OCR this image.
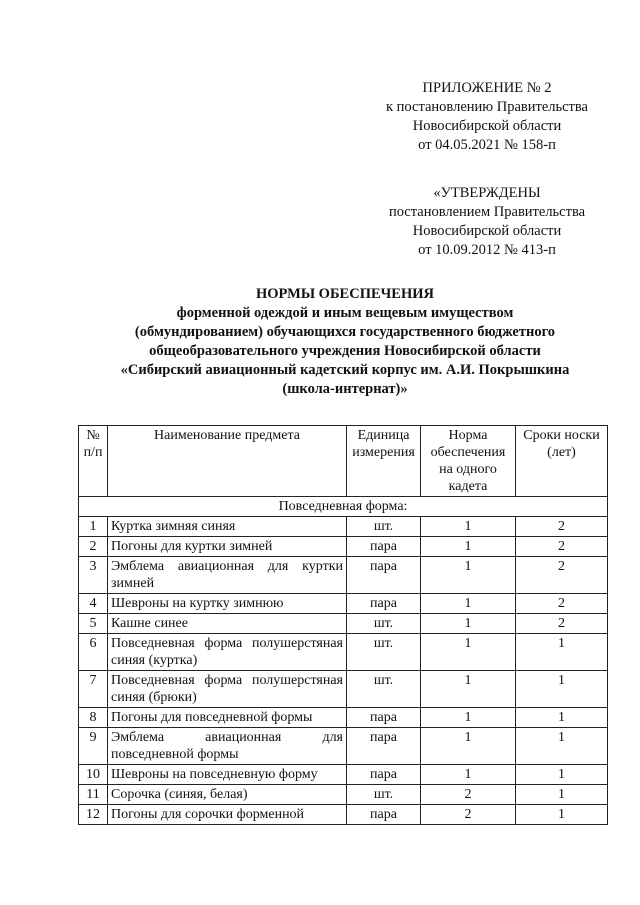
ПРИЛОЖЕНИЕ № 2
к постановлению Правительства
Новосибирской области
от 04.05.2021 № 158-п
«УТВЕРЖДЕНЫ
постановлением Правительства
Новосибирской области
от 10.09.2012 № 413-п
НОРМЫ ОБЕСПЕЧЕНИЯ
форменной одеждой и иным вещевым имуществом
(обмундированием) обучающихся государственного бюджетного
общеобразовательного учреждения Новосибирской области
«Сибирский авиационный кадетский корпус им. А.И. Покрышкина
(школа-интернат)»
№ п/п	Наименование предмета	Единица измерения	Норма обеспечения на одного кадета	Сроки носки (лет)
Повседневная форма:				
1	Куртка зимняя синяя	шт.	1	2
2	Погоны для куртки зимней	пара	1	2
3	Эмблема авиационная для куртки зимней	пара	1	2
4	Шевроны на куртку зимнюю	пара	1	2
5	Кашне синее	шт.	1	2
6	Повседневная форма полушерстяная синяя (куртка)	шт.	1	1
7	Повседневная форма полушерстяная синяя (брюки)	шт.	1	1
8	Погоны для повседневной формы	пара	1	1
9	Эмблема авиационная для повседневной формы	пара	1	1
10	Шевроны на повседневную форму	пара	1	1
11	Сорочка (синяя, белая)	шт.	2	1
12	Погоны для сорочки форменной	пара	2	1
